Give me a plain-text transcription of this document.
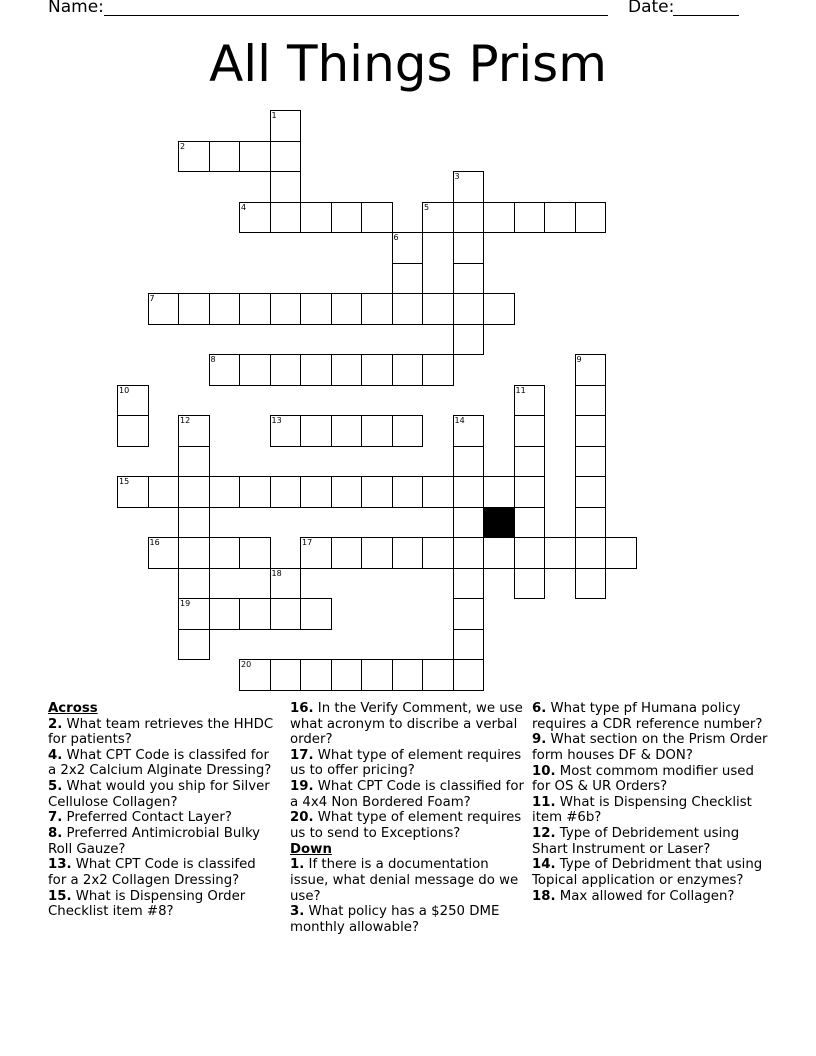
Name:	Date:
All Things Prism
1
2
3
4	5
6
7
8	9
10	11
12	13	14
15
16	17
18
19
20
Across
2. What team retrieves the HHDC for patients?
4. What CPT Code is classifed for a 2x2 Calcium Alginate Dressing?
5. What would you ship for Silver Cellulose Collagen?
7. Preferred Contact Layer?
8. Preferred Antimicrobial Bulky Roll Gauze?
13. What CPT Code is classifed for a 2x2 Collagen Dressing?
15. What is Dispensing Order Checklist item #8?
16. In the Verify Comment, we use what acronym to discribe a verbal order?
17. What type of element requires us to offer pricing?
19. What CPT Code is classified for a 4x4 Non Bordered Foam?
20. What type of element requires us to send to Exceptions?
Down
1. If there is a documentation issue, what denial message do we use?
3. What policy has a $250 DME monthly allowable?
6. What type pf Humana policy requires a CDR reference number?
9. What section on the Prism Order form houses DF & DON?
10. Most commom modifier used for OS & UR Orders?
11. What is Dispensing Checklist item #6b?
12. Type of Debridement using Shart Instrument or Laser?
14. Type of Debridment that using Topical application or enzymes?
18. Max allowed for Collagen?
